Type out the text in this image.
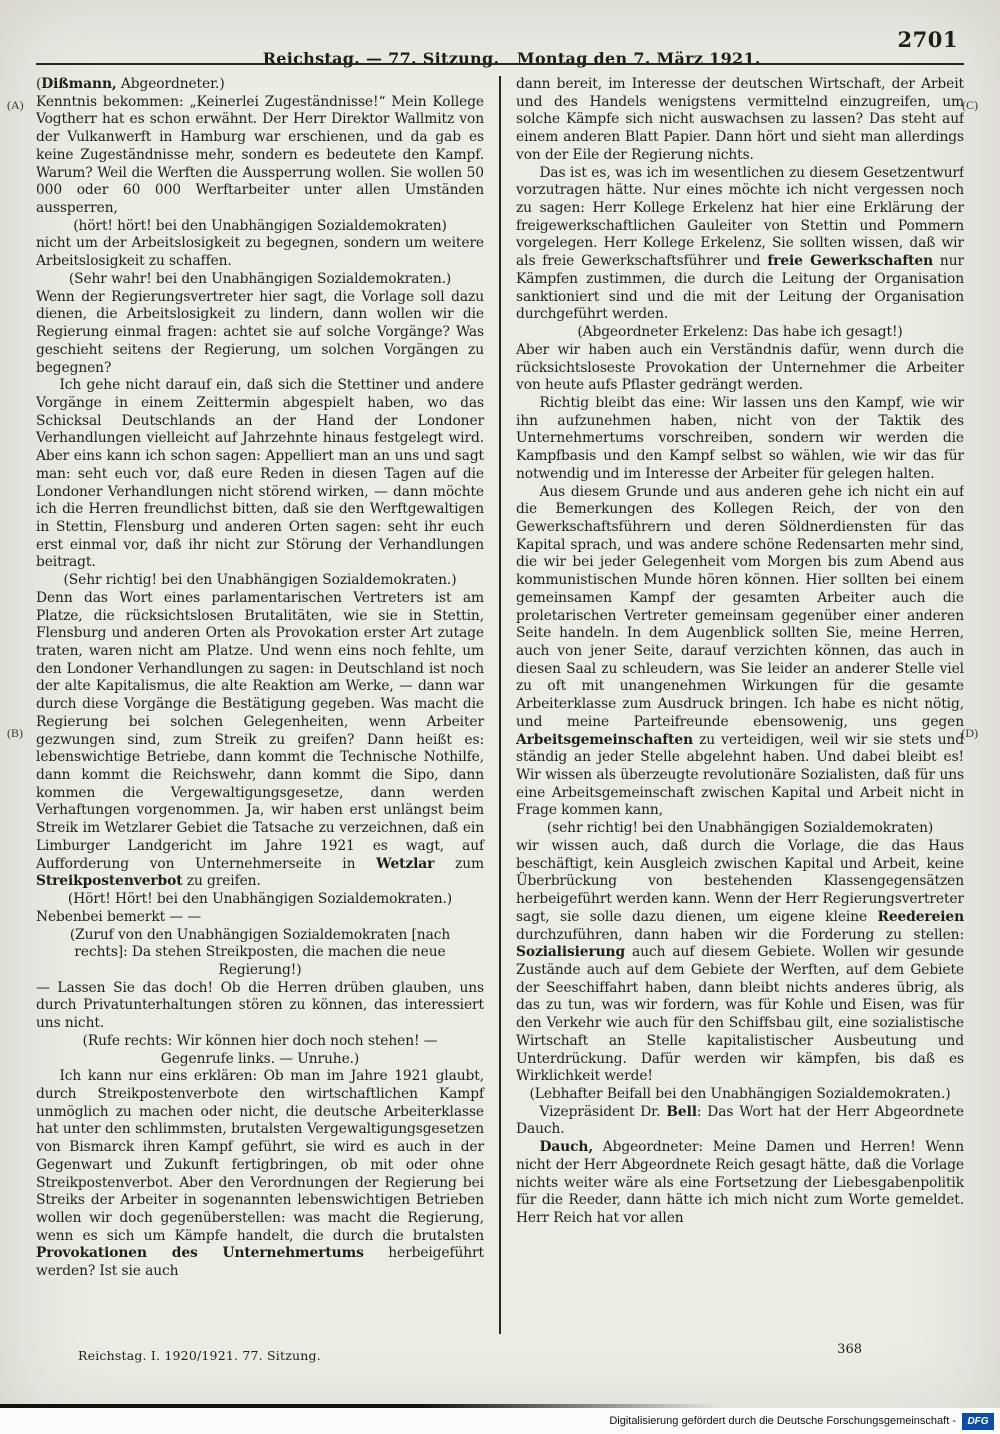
Reichstag. — 77. Sitzung.   Montag den 7. März 1921.

2701

(A)
(B)
(C)
(D)
(Dißmann, Abgeordneter.)
Kenntnis bekommen: „Keinerlei Zugeständnisse!“ Mein Kollege Vogtherr hat es schon erwähnt. Der Herr Direktor Wallmitz von der Vulkanwerft in Hamburg war erschienen, und da gab es keine Zugeständnisse mehr, sondern es bedeutete den Kampf. Warum? Weil die Werften die Aussperrung wollen. Sie wollen 50 000 oder 60 000 Werftarbeiter unter allen Umständen aussperren,
(hört! hört! bei den Unabhängigen Sozialdemokraten)
nicht um der Arbeitslosigkeit zu begegnen, sondern um weitere Arbeitslosigkeit zu schaffen.
(Sehr wahr! bei den Unabhängigen Sozialdemokraten.)
Wenn der Regierungsvertreter hier sagt, die Vorlage soll dazu dienen, die Arbeitslosigkeit zu lindern, dann wollen wir die Regierung einmal fragen: achtet sie auf solche Vorgänge? Was geschieht seitens der Regierung, um solchen Vorgängen zu begegnen?
Ich gehe nicht darauf ein, daß sich die Stettiner und andere Vorgänge in einem Zeittermin abgespielt haben, wo das Schicksal Deutschlands an der Hand der Londoner Verhandlungen vielleicht auf Jahrzehnte hinaus festgelegt wird. Aber eins kann ich schon sagen: Appelliert man an uns und sagt man: seht euch vor, daß eure Reden in diesen Tagen auf die Londoner Verhandlungen nicht störend wirken, — dann möchte ich die Herren freundlichst bitten, daß sie den Werftgewaltigen in Stettin, Flensburg und anderen Orten sagen: seht ihr euch erst einmal vor, daß ihr nicht zur Störung der Verhandlungen beitragt.
(Sehr richtig! bei den Unabhängigen Sozialdemokraten.)
Denn das Wort eines parlamentarischen Vertreters ist am Platze, die rücksichtslosen Brutalitäten, wie sie in Stettin, Flensburg und anderen Orten als Provokation erster Art zutage traten, waren nicht am Platze. Und wenn eins noch fehlte, um den Londoner Verhandlungen zu sagen: in Deutschland ist noch der alte Kapitalismus, die alte Reaktion am Werke, — dann war durch diese Vorgänge die Bestätigung gegeben. Was macht die Regierung bei solchen Gelegenheiten, wenn Arbeiter gezwungen sind, zum Streik zu greifen? Dann heißt es: lebenswichtige Betriebe, dann kommt die Technische Nothilfe, dann kommt die Reichswehr, dann kommt die Sipo, dann kommen die Vergewaltigungsgesetze, dann werden Verhaftungen vorgenommen. Ja, wir haben erst unlängst beim Streik im Wetzlarer Gebiet die Tatsache zu verzeichnen, daß ein Limburger Landgericht im Jahre 1921 es wagt, auf Aufforderung von Unternehmerseite in Wetzlar zum Streikpostenverbot zu greifen.
(Hört! Hört! bei den Unabhängigen Sozialdemokraten.)
Nebenbei bemerkt — —
(Zuruf von den Unabhängigen Sozialdemokraten [nach rechts]: Da stehen Streikposten, die machen die neue Regierung!)
— Lassen Sie das doch! Ob die Herren drüben glauben, uns durch Privatunterhaltungen stören zu können, das interessiert uns nicht.
(Rufe rechts: Wir können hier doch noch stehen! — Gegenrufe links. — Unruhe.)
Ich kann nur eins erklären: Ob man im Jahre 1921 glaubt, durch Streikpostenverbote den wirtschaftlichen Kampf unmöglich zu machen oder nicht, die deutsche Arbeiterklasse hat unter den schlimmsten, brutalsten Vergewaltigungsgesetzen von Bismarck ihren Kampf geführt, sie wird es auch in der Gegenwart und Zukunft fertigbringen, ob mit oder ohne Streikpostenverbot. Aber den Verordnungen der Regierung bei Streiks der Arbeiter in sogenannten lebenswichtigen Betrieben wollen wir doch gegenüberstellen: was macht die Regierung, wenn es sich um Kämpfe handelt, die durch die brutalsten Provokationen des Unternehmertums herbeigeführt werden? Ist sie auch
dann bereit, im Interesse der deutschen Wirtschaft, der Arbeit und des Handels wenigstens vermittelnd einzugreifen, um solche Kämpfe sich nicht auswachsen zu lassen? Das steht auf einem anderen Blatt Papier. Dann hört und sieht man allerdings von der Eile der Regierung nichts.
Das ist es, was ich im wesentlichen zu diesem Gesetzentwurf vorzutragen hätte. Nur eines möchte ich nicht vergessen noch zu sagen: Herr Kollege Erkelenz hat hier eine Erklärung der freigewerkschaftlichen Gauleiter von Stettin und Pommern vorgelegen. Herr Kollege Erkelenz, Sie sollten wissen, daß wir als freie Gewerkschaftsführer und freie Gewerkschaften nur Kämpfen zustimmen, die durch die Leitung der Organisation sanktioniert sind und die mit der Leitung der Organisation durchgeführt werden.
(Abgeordneter Erkelenz: Das habe ich gesagt!)
Aber wir haben auch ein Verständnis dafür, wenn durch die rücksichtsloseste Provokation der Unternehmer die Arbeiter von heute aufs Pflaster gedrängt werden.
Richtig bleibt das eine: Wir lassen uns den Kampf, wie wir ihn aufzunehmen haben, nicht von der Taktik des Unternehmertums vorschreiben, sondern wir werden die Kampfbasis und den Kampf selbst so wählen, wie wir das für notwendig und im Interesse der Arbeiter für gelegen halten.
Aus diesem Grunde und aus anderen gehe ich nicht ein auf die Bemerkungen des Kollegen Reich, der von den Gewerkschaftsführern und deren Söldnerdiensten für das Kapital sprach, und was andere schöne Redensarten mehr sind, die wir bei jeder Gelegenheit vom Morgen bis zum Abend aus kommunistischen Munde hören können. Hier sollten bei einem gemeinsamen Kampf der gesamten Arbeiter auch die proletarischen Vertreter gemeinsam gegenüber einer anderen Seite handeln. In dem Augenblick sollten Sie, meine Herren, auch von jener Seite, darauf verzichten können, das auch in diesen Saal zu schleudern, was Sie leider an anderer Stelle viel zu oft mit unangenehmen Wirkungen für die gesamte Arbeiterklasse zum Ausdruck bringen. Ich habe es nicht nötig, und meine Parteifreunde ebensowenig, uns gegen Arbeitsgemeinschaften zu verteidigen, weil wir sie stets und ständig an jeder Stelle abgelehnt haben. Und dabei bleibt es! Wir wissen als überzeugte revolutionäre Sozialisten, daß für uns eine Arbeitsgemeinschaft zwischen Kapital und Arbeit nicht in Frage kommen kann,
(sehr richtig! bei den Unabhängigen Sozialdemokraten)
wir wissen auch, daß durch die Vorlage, die das Haus beschäftigt, kein Ausgleich zwischen Kapital und Arbeit, keine Überbrückung von bestehenden Klassengegensätzen herbeigeführt werden kann. Wenn der Herr Regierungsvertreter sagt, sie solle dazu dienen, um eigene kleine Reedereien durchzuführen, dann haben wir die Forderung zu stellen: Sozialisierung auch auf diesem Gebiete. Wollen wir gesunde Zustände auch auf dem Gebiete der Werften, auf dem Gebiete der Seeschiffahrt haben, dann bleibt nichts anderes übrig, als das zu tun, was wir fordern, was für Kohle und Eisen, was für den Verkehr wie auch für den Schiffsbau gilt, eine sozialistische Wirtschaft an Stelle kapitalistischer Ausbeutung und Unterdrückung. Dafür werden wir kämpfen, bis daß es Wirklichkeit werde!
(Lebhafter Beifall bei den Unabhängigen Sozialdemokraten.)
Vizepräsident Dr. Bell: Das Wort hat der Herr Abgeordnete Dauch.
Dauch, Abgeordneter: Meine Damen und Herren! Wenn nicht der Herr Abgeordnete Reich gesagt hätte, daß die Vorlage nichts weiter wäre als eine Fortsetzung der Liebesgabenpolitik für die Reeder, dann hätte ich mich nicht zum Worte gemeldet. Herr Reich hat vor allen
Reichstag. I. 1920/1921. 77. Sitzung.	368
Digitalisierung gefördert durch die Deutsche Forschungsgemeinschaft -	DFG
